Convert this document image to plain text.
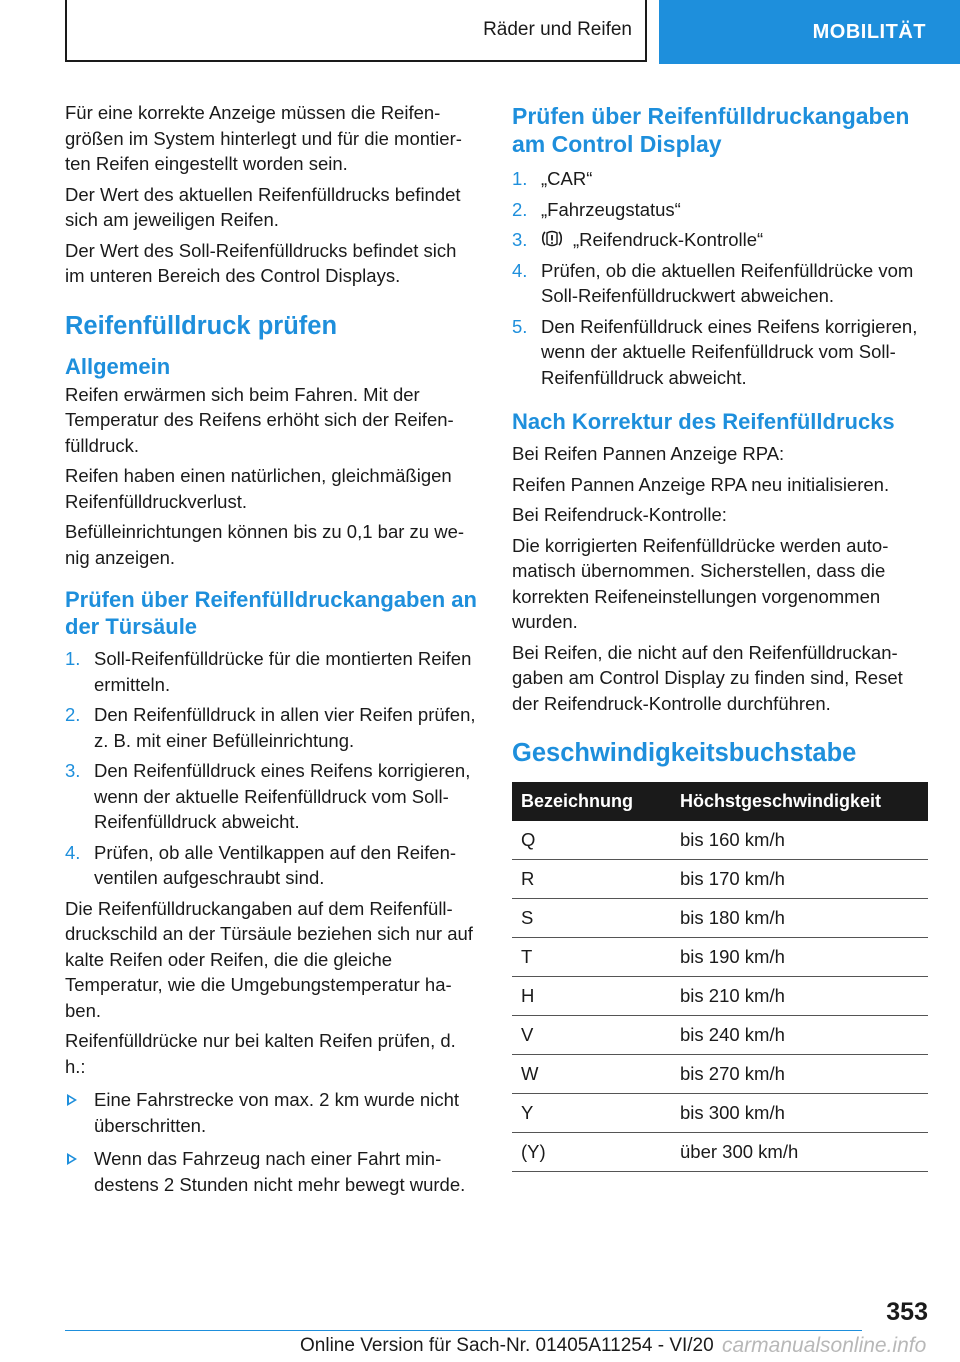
Räder und Reifen	MOBILITÄT

Für eine korrekte Anzeige müssen die Reifengrößen im System hinterlegt und für die montierten Reifen eingestellt worden sein.

Der Wert des aktuellen Reifenfülldrucks befindet sich am jeweiligen Reifen.

Der Wert des Soll-Reifenfülldrucks befindet sich im unteren Bereich des Control Displays.

Reifenfülldruck prüfen
Allgemein

Reifen erwärmen sich beim Fahren. Mit der Temperatur des Reifens erhöht sich der Reifenfülldruck.

Reifen haben einen natürlichen, gleichmäßigen Reifenfülldruckverlust.

Befülleinrichtungen können bis zu 0,1 bar zu wenig anzeigen.

Prüfen über Reifenfülldruckangaben an der Türsäule
1. Soll-Reifenfülldrücke für die montierten Reifen ermitteln.
2. Den Reifenfülldruck in allen vier Reifen prüfen, z. B. mit einer Befülleinrichtung.
3. Den Reifenfülldruck eines Reifens korrigieren, wenn der aktuelle Reifenfülldruck vom Soll-Reifenfülldruck abweicht.
4. Prüfen, ob alle Ventilkappen auf den Reifenventilen aufgeschraubt sind.

Die Reifenfülldruckangaben auf dem Reifenfülldruckschild an der Türsäule beziehen sich nur auf kalte Reifen oder Reifen, die die gleiche Temperatur, wie die Umgebungstemperatur haben.

Reifenfülldrücke nur bei kalten Reifen prüfen, d. h.:

Eine Fahrstrecke von max. 2 km wurde nicht überschritten.
Wenn das Fahrzeug nach einer Fahrt mindestens 2 Stunden nicht mehr bewegt wurde.
Prüfen über Reifenfülldruckangaben am Control Display
1. „CAR“
2. „Fahrzeugstatus“
3. „Reifendruck-Kontrolle“
4. Prüfen, ob die aktuellen Reifenfülldrücke vom Soll-Reifenfülldruckwert abweichen.
5. Den Reifenfülldruck eines Reifens korrigieren, wenn der aktuelle Reifenfülldruck vom Soll-Reifenfülldruck abweicht.
Nach Korrektur des Reifenfülldrucks

Bei Reifen Pannen Anzeige RPA:

Reifen Pannen Anzeige RPA neu initialisieren.

Bei Reifendruck-Kontrolle:

Die korrigierten Reifenfülldrücke werden automatisch übernommen. Sicherstellen, dass die korrekten Reifeneinstellungen vorgenommen wurden.

Bei Reifen, die nicht auf den Reifenfülldruckangaben am Control Display zu finden sind, Reset der Reifendruck-Kontrolle durchführen.

Geschwindigkeitsbuchstabe
Bezeichnung	Höchstgeschwindigkeit
Q	bis 160 km/h
R	bis 170 km/h
S	bis 180 km/h
T	bis 190 km/h
H	bis 210 km/h
V	bis 240 km/h
W	bis 270 km/h
Y	bis 300 km/h
(Y)	über 300 km/h
353
Online Version für Sach-Nr. 01405A11254 - VI/20 carmanualsonline.info
